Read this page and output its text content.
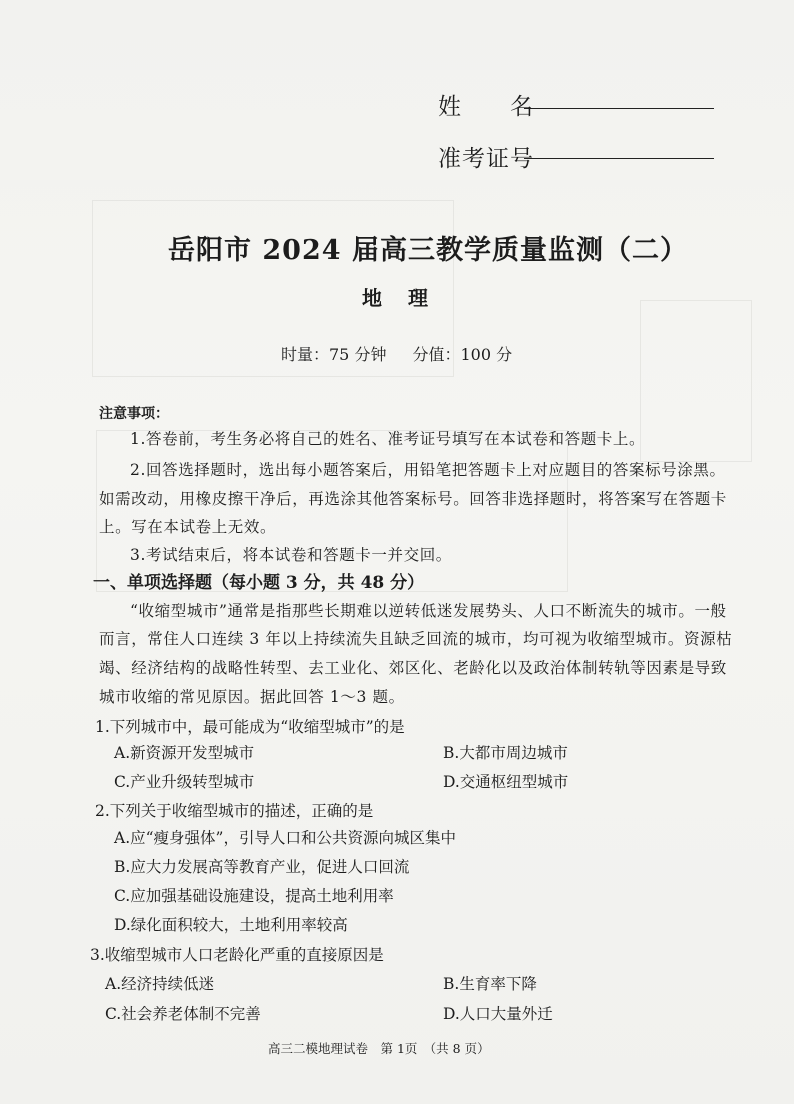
姓　　名
准考证号
岳阳市 2024 届高三教学质量监测（二）
地理
时量：75 分钟 分值：100 分
注意事项：
1.答卷前，考生务必将自己的姓名、准考证号填写在本试卷和答题卡上。
2.回答选择题时，选出每小题答案后，用铅笔把答题卡上对应题目的答案标号涂黑。
如需改动，用橡皮擦干净后，再选涂其他答案标号。回答非选择题时，将答案写在答题卡
上。写在本试卷上无效。
3.考试结束后，将本试卷和答题卡一并交回。
一、单项选择题（每小题 3 分，共 48 分）
“收缩型城市”通常是指那些长期难以逆转低迷发展势头、人口不断流失的城市。一般
而言，常住人口连续 3 年以上持续流失且缺乏回流的城市，均可视为收缩型城市。资源枯
竭、经济结构的战略性转型、去工业化、郊区化、老龄化以及政治体制转轨等因素是导致
城市收缩的常见原因。据此回答 1～3 题。
1.下列城市中，最可能成为“收缩型城市”的是
A.新资源开发型城市	B.大都市周边城市
C.产业升级转型城市	D.交通枢纽型城市
2.下列关于收缩型城市的描述，正确的是
A.应“瘦身强体”，引导人口和公共资源向城区集中
B.应大力发展高等教育产业，促进人口回流
C.应加强基础设施建设，提高土地利用率
D.绿化面积较大，土地利用率较高
3.收缩型城市人口老龄化严重的直接原因是
A.经济持续低迷	B.生育率下降
C.社会养老体制不完善	D.人口大量外迁
高三二模地理试卷　第 1页　（共 8 页）
